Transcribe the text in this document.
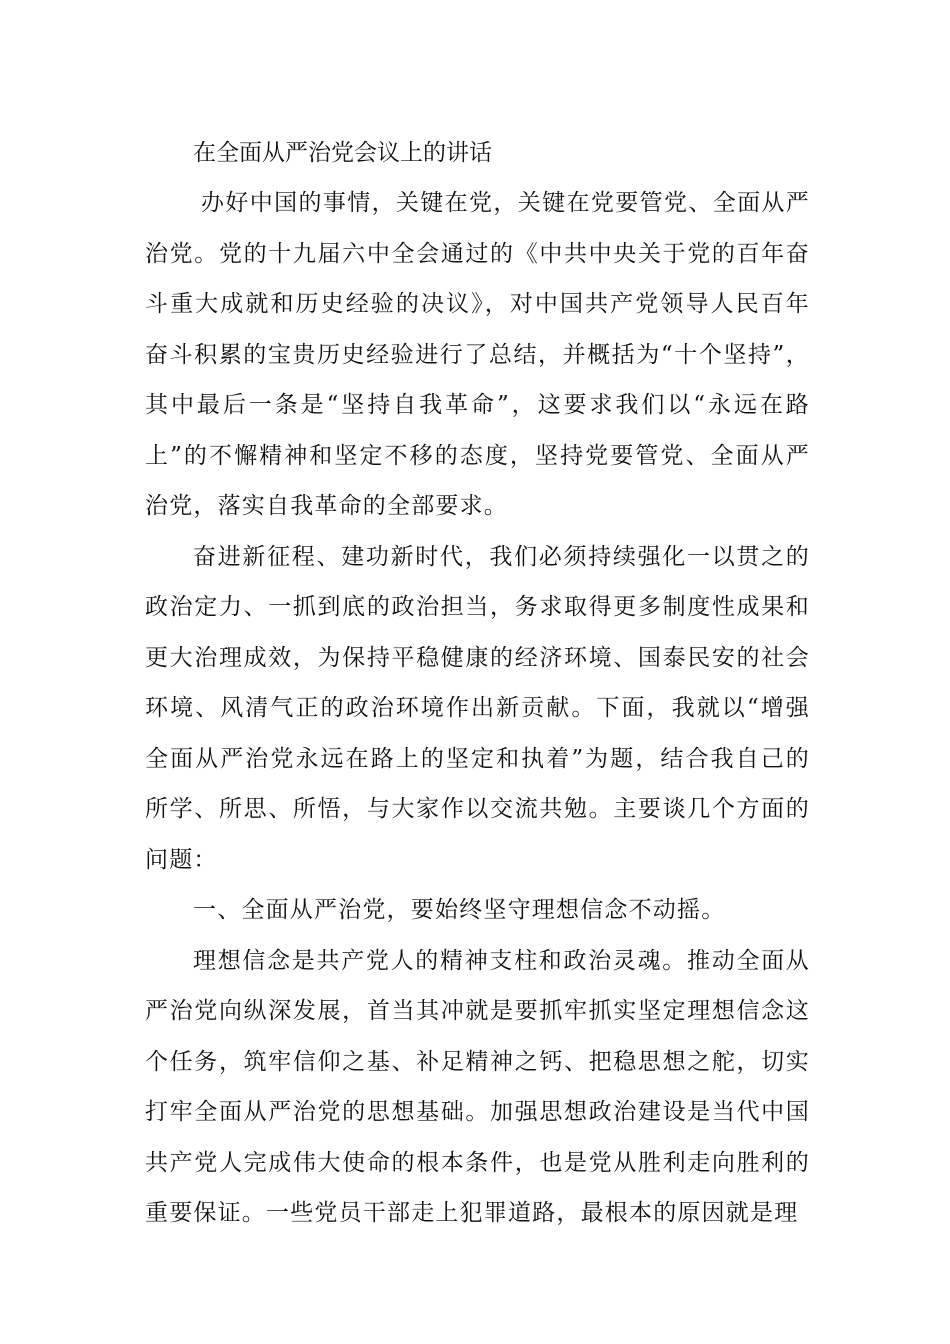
在全面从严治党会议上的讲话

办好中国的事情，关键在党，关键在党要管党、全面从严治党。党的十九届六中全会通过的《中共中央关于党的百年奋斗重大成就和历史经验的决议》，对中国共产党领导人民百年奋斗积累的宝贵历史经验进行了总结，并概括为“十个坚持”，其中最后一条是“坚持自我革命”，这要求我们以“永远在路上”的不懈精神和坚定不移的态度，坚持党要管党、全面从严治党，落实自我革命的全部要求。

奋进新征程、建功新时代，我们必须持续强化一以贯之的政治定力、一抓到底的政治担当，务求取得更多制度性成果和更大治理成效，为保持平稳健康的经济环境、国泰民安的社会环境、风清气正的政治环境作出新贡献。下面，我就以“增强全面从严治党永远在路上的坚定和执着”为题，结合我自己的所学、所思、所悟，与大家作以交流共勉。主要谈几个方面的问题：

一、全面从严治党，要始终坚守理想信念不动摇。

理想信念是共产党人的精神支柱和政治灵魂。推动全面从严治党向纵深发展，首当其冲就是要抓牢抓实坚定理想信念这个任务，筑牢信仰之基、补足精神之钙、把稳思想之舵，切实打牢全面从严治党的思想基础。加强思想政治建设是当代中国共产党人完成伟大使命的根本条件，也是党从胜利走向胜利的重要保证。一些党员干部走上犯罪道路，最根本的原因就是理
